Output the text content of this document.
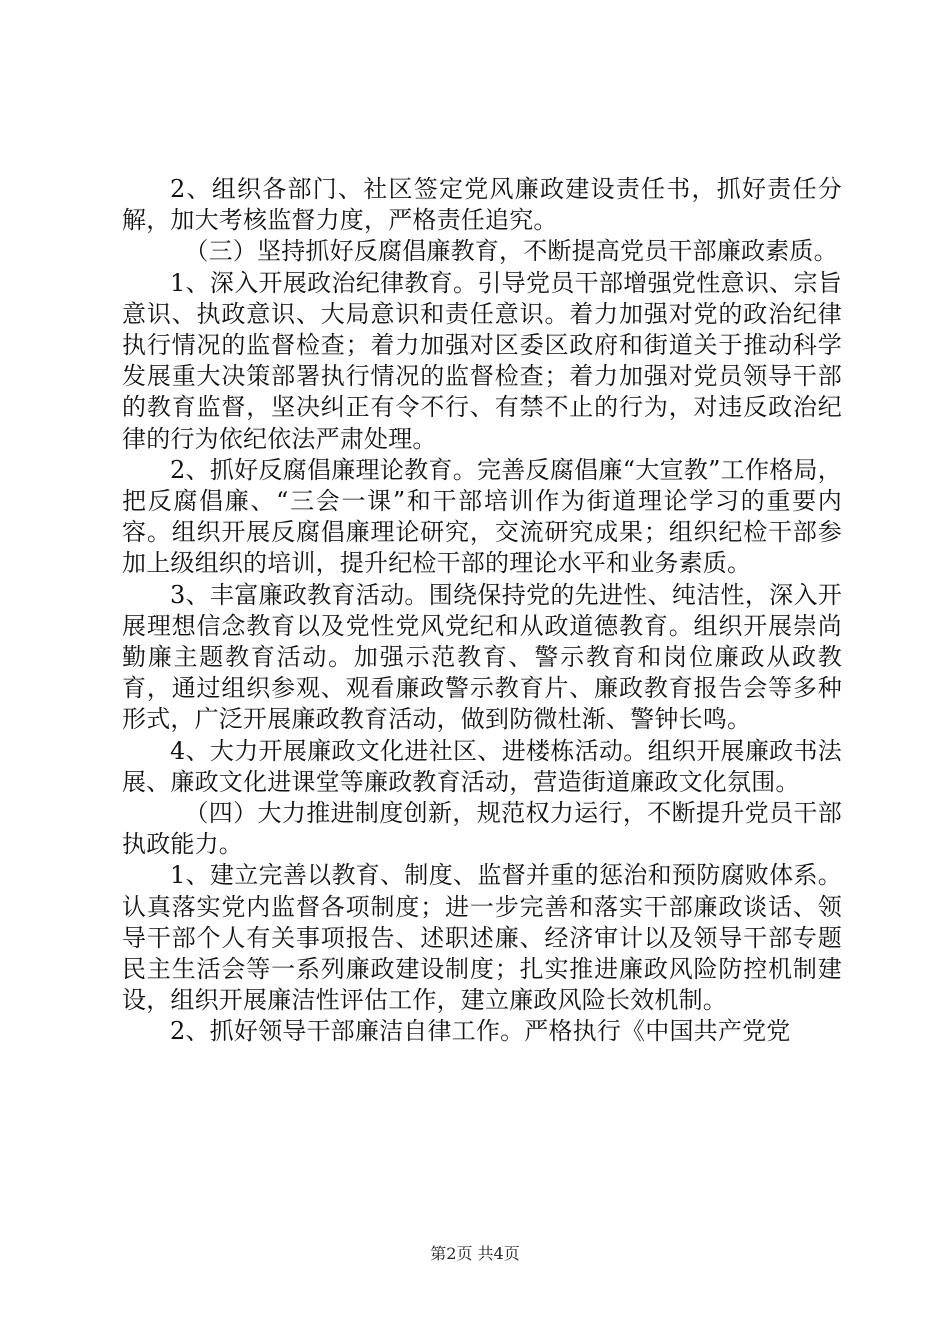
2、组织各部门、社区签定党风廉政建设责任书，抓好责任分解，加大考核监督力度，严格责任追究。

（三）坚持抓好反腐倡廉教育，不断提高党员干部廉政素质。

1、深入开展政治纪律教育。引导党员干部增强党性意识、宗旨意识、执政意识、大局意识和责任意识。着力加强对党的政治纪律执行情况的监督检查；着力加强对区委区政府和街道关于推动科学发展重大决策部署执行情况的监督检查；着力加强对党员领导干部的教育监督，坚决纠正有令不行、有禁不止的行为，对违反政治纪律的行为依纪依法严肃处理。

2、抓好反腐倡廉理论教育。完善反腐倡廉“大宣教”工作格局，把反腐倡廉、“三会一课”和干部培训作为街道理论学习的重要内容。组织开展反腐倡廉理论研究，交流研究成果；组织纪检干部参加上级组织的培训，提升纪检干部的理论水平和业务素质。

3、丰富廉政教育活动。围绕保持党的先进性、纯洁性，深入开展理想信念教育以及党性党风党纪和从政道德教育。组织开展崇尚勤廉主题教育活动。加强示范教育、警示教育和岗位廉政从政教育，通过组织参观、观看廉政警示教育片、廉政教育报告会等多种形式，广泛开展廉政教育活动，做到防微杜渐、警钟长鸣。

4、大力开展廉政文化进社区、进楼栋活动。组织开展廉政书法展、廉政文化进课堂等廉政教育活动，营造街道廉政文化氛围。

（四）大力推进制度创新，规范权力运行，不断提升党员干部执政能力。

1、建立完善以教育、制度、监督并重的惩治和预防腐败体系。认真落实党内监督各项制度；进一步完善和落实干部廉政谈话、领导干部个人有关事项报告、述职述廉、经济审计以及领导干部专题民主生活会等一系列廉政建设制度；扎实推进廉政风险防控机制建设，组织开展廉洁性评估工作，建立廉政风险长效机制。

2、抓好领导干部廉洁自律工作。严格执行《中国共产党党

第2页 共4页
